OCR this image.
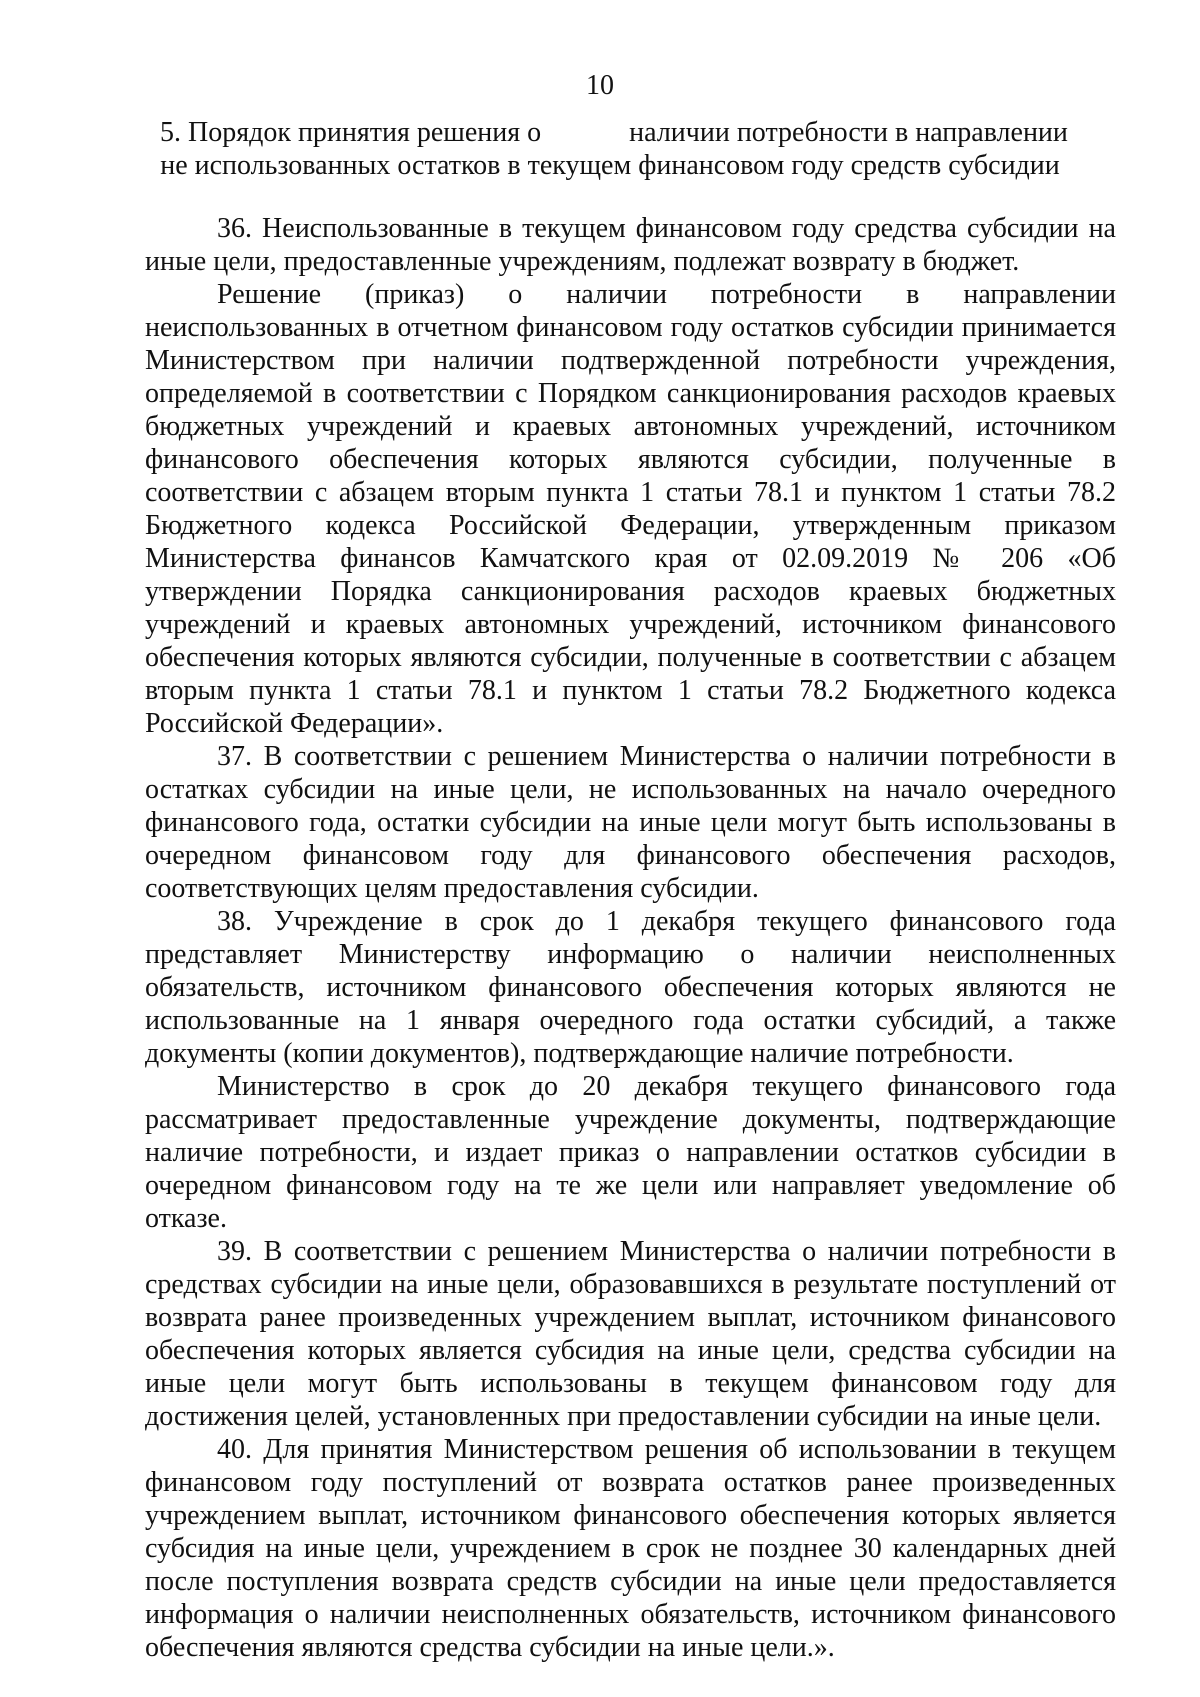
10
5. Порядок принятия решения о	наличии потребности в направлении
не использованных остатков в текущем финансовом году средств субсидии

36. Неиспользованные в текущем финансовом году средства субсидии на иные цели, предоставленные учреждениям, подлежат возврату в бюджет.

Решение (приказ) о наличии потребности в направлении неиспользованных в отчетном финансовом году остатков субсидии принимается Министерством при наличии подтвержденной потребности учреждения, определяемой в соответствии с Порядком санкционирования расходов краевых бюджетных учреждений и краевых автономных учреждений, источником финансового обеспечения которых являются субсидии, полученные в соответствии с абзацем вторым пункта 1 статьи 78.1 и пунктом 1 статьи 78.2 Бюджетного кодекса Российской Федерации, утвержденным приказом Министерства финансов Камчатского края от 02.09.2019 № 206 «Об утверждении Порядка санкционирования расходов краевых бюджетных учреждений и краевых автономных учреждений, источником финансового обеспечения которых являются субсидии, полученные в соответствии с абзацем вторым пункта 1 статьи 78.1 и пунктом 1 статьи 78.2 Бюджетного кодекса Российской Федерации».

37. В соответствии с решением Министерства о наличии потребности в остатках субсидии на иные цели, не использованных на начало очередного финансового года, остатки субсидии на иные цели могут быть использованы в очередном финансовом году для финансового обеспечения расходов, соответствующих целям предоставления субсидии.

38. Учреждение в срок до 1 декабря текущего финансового года представляет Министерству информацию о наличии неисполненных обязательств, источником финансового обеспечения которых являются не использованные на 1 января очередного года остатки субсидий, а также документы (копии документов), подтверждающие наличие потребности.

Министерство в срок до 20 декабря текущего финансового года рассматривает предоставленные учреждение документы, подтверждающие наличие потребности, и издает приказ о направлении остатков субсидии в очередном финансовом году на те же цели или направляет уведомление об отказе.

39. В соответствии с решением Министерства о наличии потребности в средствах субсидии на иные цели, образовавшихся в результате поступлений от возврата ранее произведенных учреждением выплат, источником финансового обеспечения которых является субсидия на иные цели, средства субсидии на иные цели могут быть использованы в текущем финансовом году для достижения целей, установленных при предоставлении субсидии на иные цели.

40. Для принятия Министерством решения об использовании в текущем финансовом году поступлений от возврата остатков ранее произведенных учреждением выплат, источником финансового обеспечения которых является субсидия на иные цели, учреждением в срок не позднее 30 календарных дней после поступления возврата средств субсидии на иные цели предоставляется информация о наличии неисполненных обязательств, источником финансового обеспечения являются средства субсидии на иные цели.».
